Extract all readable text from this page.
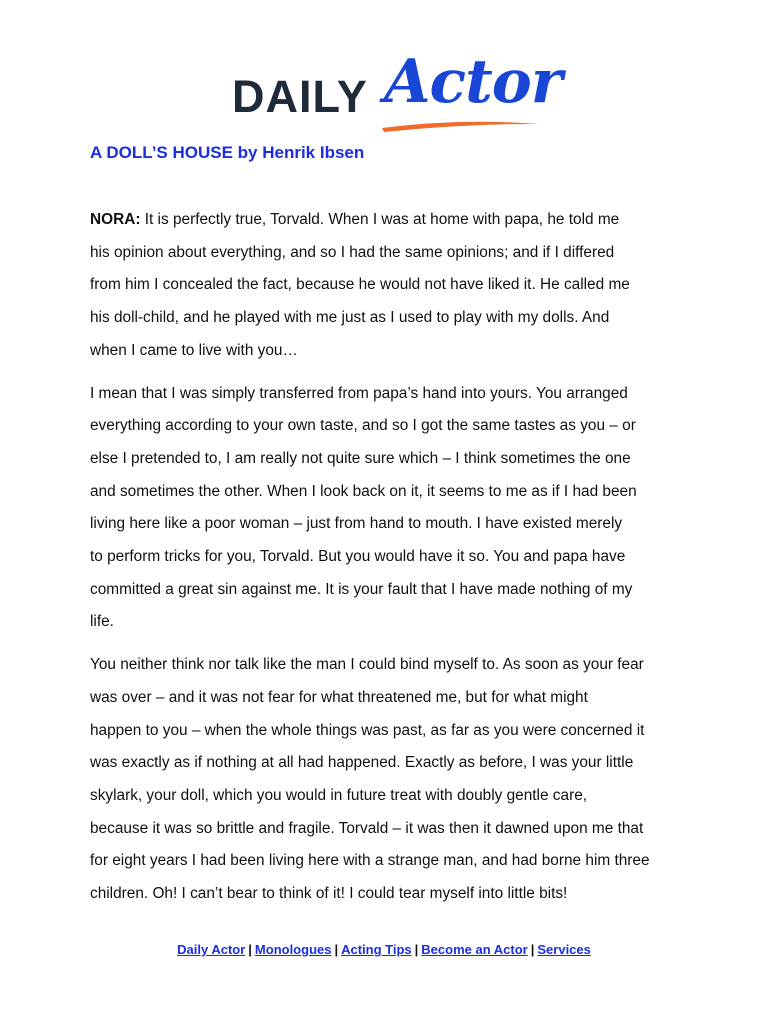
DAILY Actor
A DOLL’S HOUSE by Henrik Ibsen

NORA: It is perfectly true, Torvald. When I was at home with papa, he told me
his opinion about everything, and so I had the same opinions; and if I differed
from him I concealed the fact, because he would not have liked it. He called me
his doll-child, and he played with me just as I used to play with my dolls. And
when I came to live with you…

I mean that I was simply transferred from papa’s hand into yours. You arranged
everything according to your own taste, and so I got the same tastes as you – or
else I pretended to, I am really not quite sure which – I think sometimes the one
and sometimes the other. When I look back on it, it seems to me as if I had been
living here like a poor woman – just from hand to mouth. I have existed merely
to perform tricks for you, Torvald. But you would have it so. You and papa have
committed a great sin against me. It is your fault that I have made nothing of my
life.

You neither think nor talk like the man I could bind myself to. As soon as your fear
was over – and it was not fear for what threatened me, but for what might
happen to you – when the whole things was past, as far as you were concerned it
was exactly as if nothing at all had happened. Exactly as before, I was your little
skylark, your doll, which you would in future treat with doubly gentle care,
because it was so brittle and fragile. Torvald – it was then it dawned upon me that
for eight years I had been living here with a strange man, and had borne him three
children. Oh! I can’t bear to think of it! I could tear myself into little bits!

Daily Actor | Monologues | Acting Tips | Become an Actor | Services
